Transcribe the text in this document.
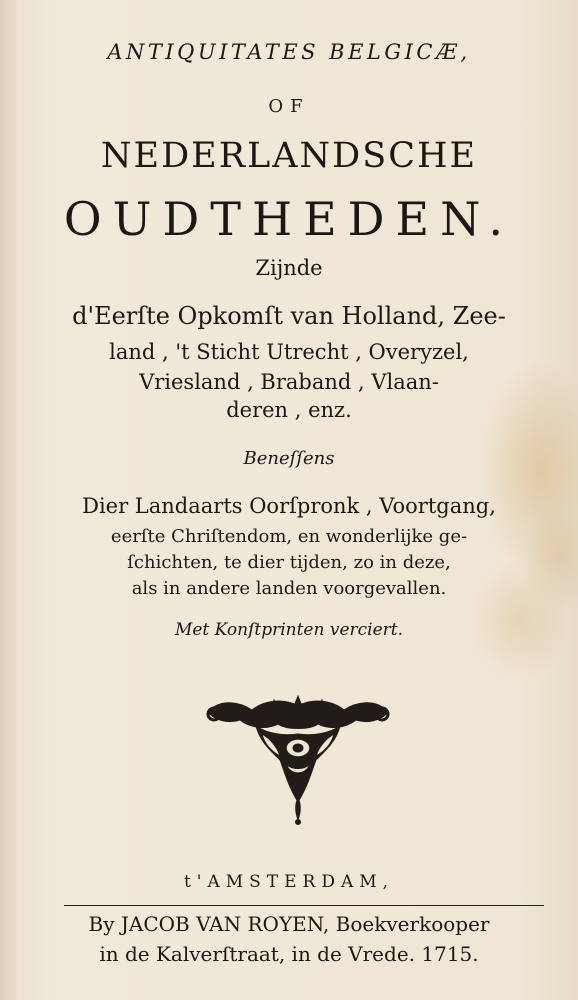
ANTIQUITATES BELGICÆ,
OF
NEDERLANDSCHE
OUDTHEDEN.
Zijnde
d'Eerſte Opkomſt van Holland, Zee-
land , 't Sticht Utrecht , Overyzel,
Vriesland , Braband , Vlaan-
deren , enz.
Beneſſens
Dier Landaarts Oorſpronk , Voortgang,
eerſte Chriſtendom, en wonderlijke ge-
ſchichten, te dier tijden, zo in deze,
als in andere landen voorgevallen.
Met Konſtprinten verciert.
t'AMSTERDAM,
By JACOB VAN ROYEN, Boekverkooper
in de Kalverſtraat, in de Vrede. 1715.
